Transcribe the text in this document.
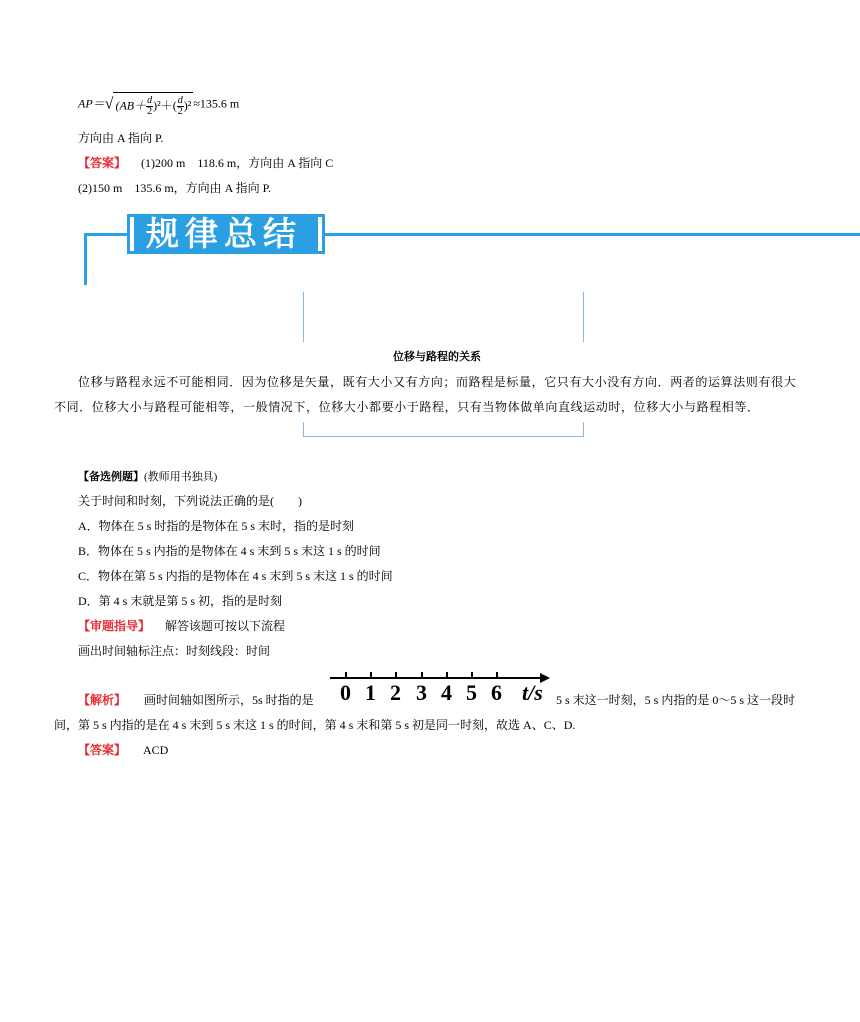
AP＝√ $(AB+ \frac{d}{2} )^2+( \frac{d}{2} )^2 \approx 135.6$ m
方向由 A 指向 P.
【答案】 (1)200 m　118.6 m，方向由 A 指向 C
(2)150 m　135.6 m，方向由 A 指向 P.
规律总结
位移与路程的关系
位移与路程永远不可能相同．因为位移是矢量，既有大小又有方向；而路程是标量，它只有大小没有方向．两者的运算法则有很大
不同．位移大小与路程可能相等，一般情况下，位移大小都要小于路程，只有当物体做单向直线运动时，位移大小与路程相等．
【备选例题】(教师用书独具)
关于时间和时刻，下列说法正确的是(　　)
A．物体在 5 s 时指的是物体在 5 s 末时，指的是时刻
B．物体在 5 s 内指的是物体在 4 s 末到 5 s 末这 1 s 的时间
C．物体在第 5 s 内指的是物体在 4 s 末到 5 s 末这 1 s 的时间
D．第 4 s 末就是第 5 s 初，指的是时刻
【审题指导】 解答该题可按以下流程
画出时间轴标注点：时刻线段：时间
【解析】 画时间轴如图所示，5s 时指的是 0 1 2 3 4 5 6 t/s 5 s 末这一时刻，5 s 内指的是 0～5 s 这一段时
间，第 5 s 内指的是在 4 s 末到 5 s 末这 1 s 的时间，第 4 s 末和第 5 s 初是同一时刻，故选 A、C、D.
【答案】 ACD
